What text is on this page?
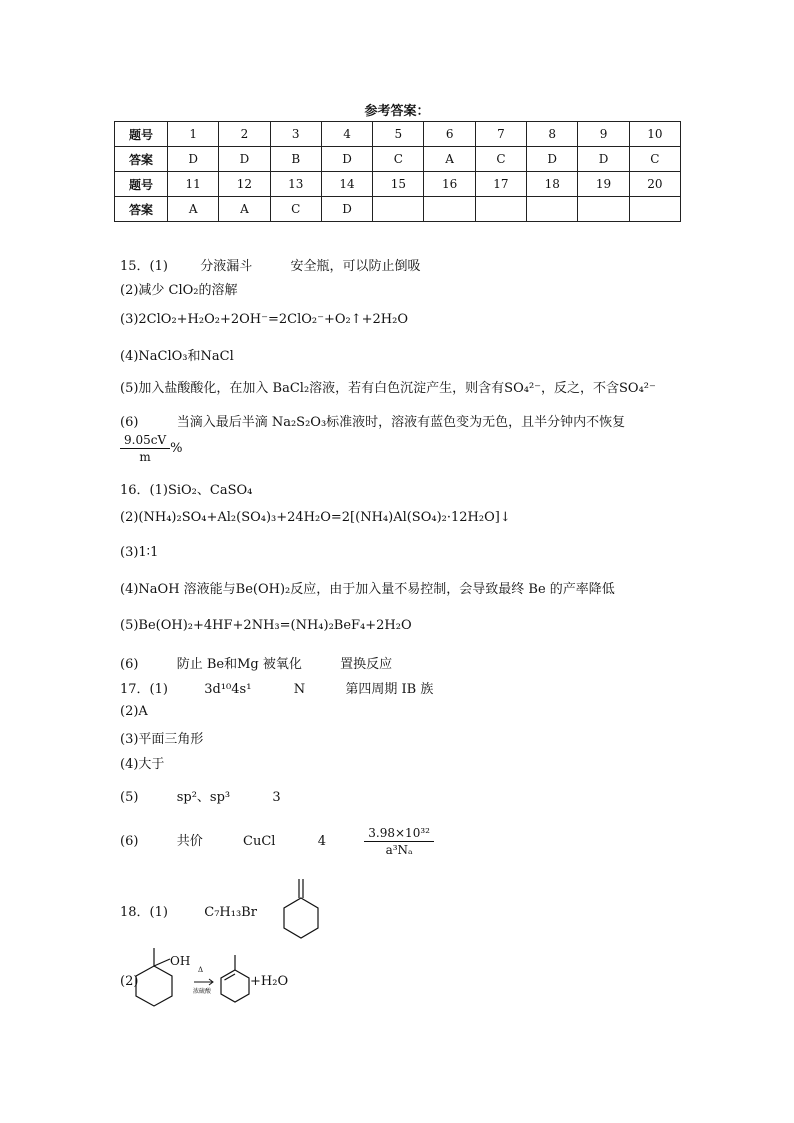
参考答案：
题号	1	2	3	4	5	6	7	8	9	10
答案	D	D	B	D	C	A	C	D	D	C
题号	11	12	13	14	15	16	17	18	19	20
答案	A	A	C	D						
15．(1) 分液漏斗	安全瓶，可以防止倒吸
(2)减少 ClO₂的溶解
(3)2ClO₂+H₂O₂+2OH⁻=2ClO₂⁻+O₂↑+2H₂O
(4)NaClO₃和NaCl
(5)加入盐酸酸化，在加入 BaCl₂溶液，若有白色沉淀产生，则含有SO₄²⁻，反之，不含SO₄²⁻
(6)	当滴入最后半滴 Na₂S₂O₃标准液时，溶液有蓝色变为无色，且半分钟内不恢复
$\frac{9.05cV}{m}$ %
16．(1)SiO₂、CaSO₄
(2)(NH₄)₂SO₄+Al₂(SO₄)₃+24H₂O=2[(NH₄)Al(SO₄)₂·12H₂O]↓
(3)1∶1
(4)NaOH 溶液能与Be(OH)₂反应，由于加入量不易控制，会导致最终 Be 的产率降低
(5)Be(OH)₂+4HF+2NH₃=(NH₄)₂BeF₄+2H₂O
(6)	防止 Be和Mg 被氧化	置换反应
17．(1)	3d¹⁰4s¹	N	第四周期 IB 族
(2)A
(3)平面三角形
(4)大于
(5)	sp²、sp³	3
(6)	共价	CuCl	4	$\frac{\text{3.98×10³²}}{\text{a³Nₐ}}$
18．(1)	C₇H₁₃Br
(2)
OH
Δ
浓硫酸
+H₂O
